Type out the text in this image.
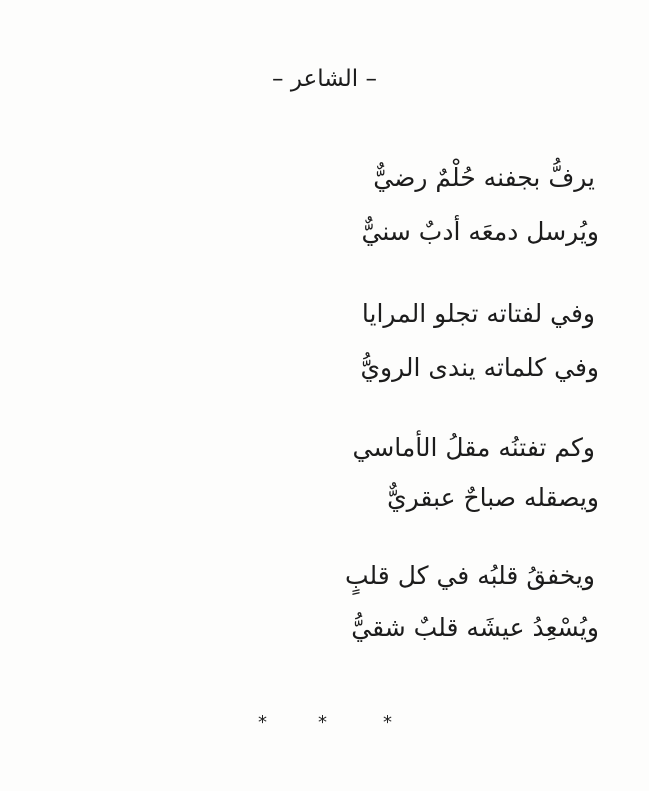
– الشاعر –
يرفُّ بجفنه حُلْمٌ رضيٌّ
ويُرسل دمعَه أدبٌ سنيٌّ
وفي لفتاته تجلو المرايا
وفي كلماته يندى الرويُّ
وكم تفتنُه مقلُ الأماسي
ويصقله صباحٌ عبقريٌّ
ويخفقُ قلبُه في كل قلبٍ
ويُسْعِدُ عيشَه قلبٌ شقيُّ
*	*	*
